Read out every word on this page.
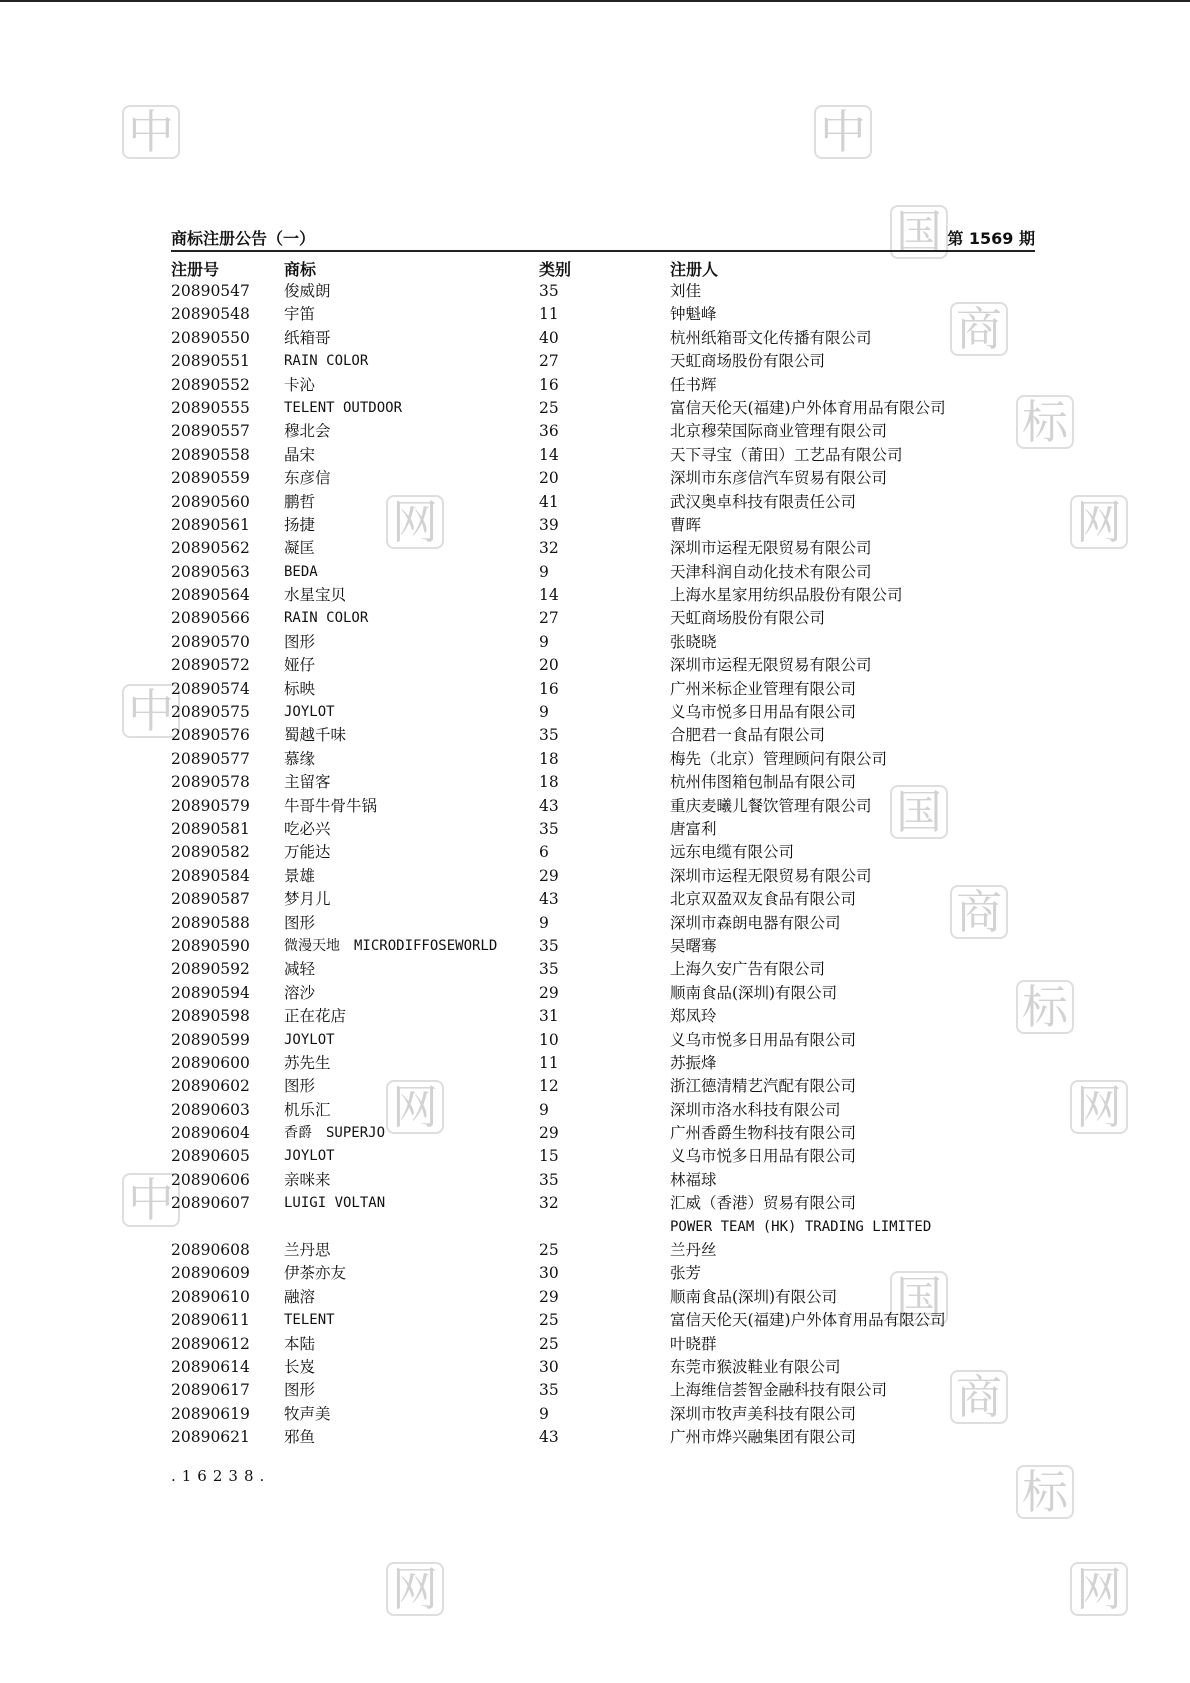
中	中
中
中
国
国
国
商
商
商
标
标
标
网
网
网
网
网
网
商标注册公告（一）	第 1569 期
注册号	商标	类别	注册人
20890547 俊威朗	35	刘佳
20890548 宇笛	11	钟魁峰
20890550 纸箱哥	40	杭州纸箱哥文化传播有限公司
20890551 RAIN COLOR	27	天虹商场股份有限公司
20890552 卡沁	16	任书辉
20890555 TELENT OUTDOOR	25	富信天伦天(福建)户外体育用品有限公司
20890557 穆北会	36	北京穆荣国际商业管理有限公司
20890558 晶宋	14	天下寻宝（莆田）工艺品有限公司
20890559 东彦信	20	深圳市东彦信汽车贸易有限公司
20890560 鹏哲	41	武汉奥卓科技有限责任公司
20890561 扬捷	39	曹晖
20890562 凝匡	32	深圳市运程无限贸易有限公司
20890563 BEDA	9	天津科润自动化技术有限公司
20890564 水星宝贝	14	上海水星家用纺织品股份有限公司
20890566 RAIN COLOR	27	天虹商场股份有限公司
20890570 图形	9	张晓晓
20890572 娅仔	20	深圳市运程无限贸易有限公司
20890574 标映	16	广州米标企业管理有限公司
20890575 JOYLOT	9	义乌市悦多日用品有限公司
20890576 蜀越千味	35	合肥君一食品有限公司
20890577 慕缘	18	梅先（北京）管理顾问有限公司
20890578 主留客	18	杭州伟图箱包制品有限公司
20890579 牛哥牛骨牛锅	43	重庆麦曦儿餐饮管理有限公司
20890581 吃必兴	35	唐富利
20890582 万能达	6	远东电缆有限公司
20890584 景雄	29	深圳市运程无限贸易有限公司
20890587 梦月儿	43	北京双盈双友食品有限公司
20890588 图形	9	深圳市森朗电器有限公司
20890590 微漫天地　MICRODIFFOSEWORLD	35	吴曙骞
20890592 减轻	35	上海久安广告有限公司
20890594 溶沙	29	顺南食品(深圳)有限公司
20890598 正在花店	31	郑凤玲
20890599 JOYLOT	10	义乌市悦多日用品有限公司
20890600 苏先生	11	苏振烽
20890602 图形	12	浙江德清精艺汽配有限公司
20890603 机乐汇	9	深圳市洛水科技有限公司
20890604 香爵　SUPERJO	29	广州香爵生物科技有限公司
20890605 JOYLOT	15	义乌市悦多日用品有限公司
20890606 亲咪来	35	林福球
20890607 LUIGI VOLTAN	32	汇威（香港）贸易有限公司
POWER TEAM (HK) TRADING LIMITED
20890608 兰丹思	25	兰丹丝
20890609 伊茶亦友	30	张芳
20890610 融溶	29	顺南食品(深圳)有限公司
20890611 TELENT	25	富信天伦天(福建)户外体育用品有限公司
20890612 本陆	25	叶晓群
20890614 长岌	30	东莞市猴波鞋业有限公司
20890617 图形	35	上海维信荟智金融科技有限公司
20890619 牧声美	9	深圳市牧声美科技有限公司
20890621 邪鱼	43	广州市烨兴融集团有限公司
.16238.
